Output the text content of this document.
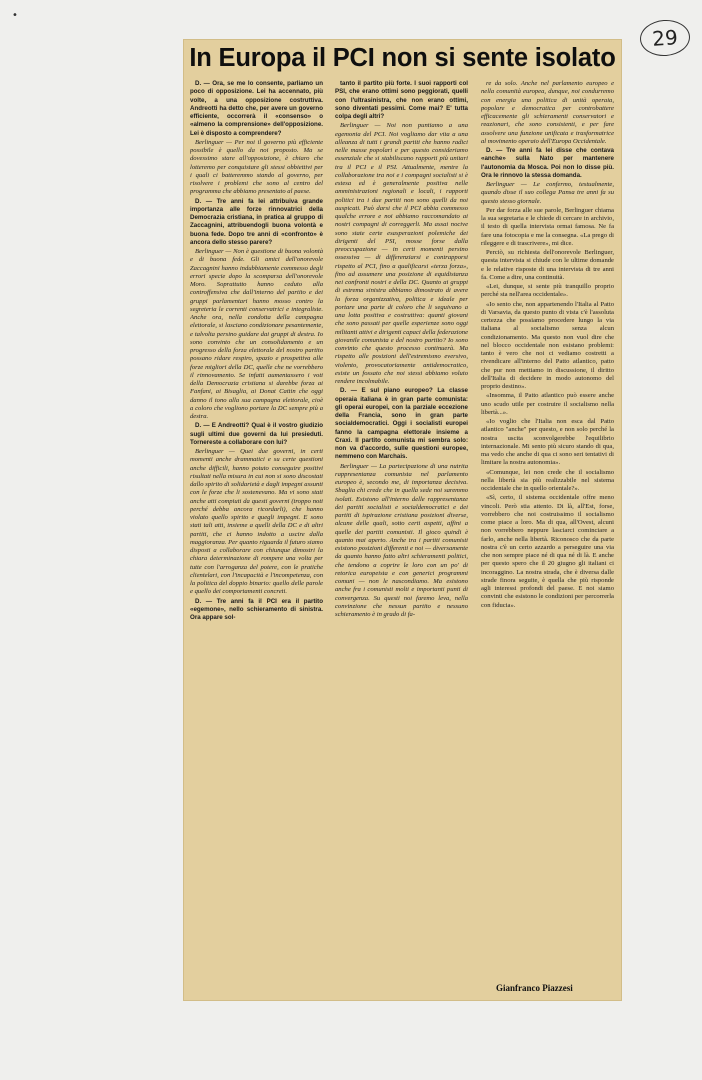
•
29
In Europa il PCI non si sente isolato

D. — Ora, se me lo consente, parliamo un poco di opposizione. Lei ha accennato, più volte, a una opposizione costruttiva. Andreotti ha detto che, per avere un governo efficiente, occorrerà il «consenso» o «almeno la comprensione» dell'opposizione. Lei è disposto a comprendere?

Berlinguer — Per noi il governo più efficiente possibile è quello da noi proposto. Ma se dovessimo stare all'opposizione, è chiaro che lotteremo per conquistare gli stessi obbiettivi per i quali ci batteremmo stando al governo, per risolvere i problemi che sono al centro del programma che abbiamo presentato al paese.

D. — Tre anni fa lei attribuiva grande importanza alle forze rinnovatrici della Democrazia cristiana, in pratica al gruppo di Zaccagnini, attribuendogli buona volontà e buona fede. Dopo tre anni di «confronto» è ancora dello stesso parere?

Berlinguer — Non è questione di buona volontà e di buona fede. Gli amici dell'onorevole Zaccagnini hanno indubbiamente commesso degli errori specie dopo la scomparsa dell'onorevole Moro. Soprattutto hanno ceduto alla controffensiva che dall'interno del partito e dei gruppi parlamentari hanno mosso contro la segreteria le correnti conservatrici e integraliste. Anche ora, nella condotta della campagna elettorale, si lasciano condizionare pesantemente, e talvolta persino guidare dai gruppi di destra. Io sono convinto che un consolidamento e un progresso della forza elettorale del nostro partito possano ridare respiro, spazio e prospettiva alle forze migliori della DC, quelle che ne vorrebbero il rinnovamento. Se infatti aumentassero i voti della Democrazia cristiana si darebbe forza ai Fanfani, ai Bisaglia, ai Donat Cattin che oggi danno il tono alla sua campagna elettorale, cioè a coloro che vogliono portare la DC sempre più a destra.

D. — E Andreotti? Qual è il vostro giudizio sugli ultimi due governi da lui presieduti. Tornereste a collaborare con lui?

Berlinguer — Quei due governi, in certi momenti anche drammatici e su certe questioni anche difficili, hanno potuto conseguire positivi risultati nella misura in cui non si sono discostati dallo spirito di solidarietà e dagli impegni assunti con le forze che li sostenevano. Ma vi sono stati anche atti compiuti da questi governi (troppo noti perché debba ancora ricordarli), che hanno violato quello spirito e quegli impegni. E sono stati tali atti, insieme a quelli della DC e di altri partiti, che ci hanno indotto a uscire dalla maggioranza. Per quanto riguarda il futuro siamo disposti a collaborare con chiunque dimostri la chiara determinazione di rompere una volta per tutte con l'arroganza del potere, con le pratiche clientelari, con l'incapacità e l'incompetenza, con la politica del doppio binario: quello delle parole e quello dei comportamenti concreti.

D. — Tre anni fa il PCI era il partito «egemone», nello schieramento di sinistra. Ora appare sol-

tanto il partito più forte. I suoi rapporti col PSI, che erano ottimi sono peggiorati, quelli con l'ultrasinistra, che non erano ottimi, sono diventati pessimi. Come mai? E' tutta colpa degli altri?

Berlinguer — Noi non puntiamo a una egemonia del PCI. Noi vogliamo dar vita a una alleanza di tutti i grandi partiti che hanno radici nelle masse popolari e per questo consideriamo essenziale che si stabiliscano rapporti più unitari tra il PCI e il PSI. Attualmente, mentre la collaborazione tra noi e i compagni socialisti si è estesa ed è generalmente positiva nelle amministrazioni regionali e locali, i rapporti politici tra i due partiti non sono quelli da noi auspicati. Può darsi che il PCI abbia commesso qualche errore e noi abbiamo raccomandato ai nostri compagni di correggerli. Ma assai nocive sono state certe esasperazioni polemiche dei dirigenti del PSI, mosse forse dalla preoccupazione — in certi momenti persino ossessiva — di differenziarsi e contrapporsi rispetto al PCI, fino a qualificarsi «terza forza», fino ad assumere una posizione di equidistanza nei confronti nostri e della DC. Quanto ai gruppi di estrema sinistra abbiamo dimostrato di avere la forza organizzativa, politica e ideale per portare una parte di coloro che li seguivano a una lotta positiva e costruttiva: quanti giovani che sono passati per quelle esperienze sono oggi militanti attivi e dirigenti capaci della federazione giovanile comunista e del nostro partito? Io sono convinto che questo processo continuerà. Ma rispetto alle posizioni dell'estremismo eversivo, violento, provocatoriamente antidemocratico, esiste un fossato che noi stessi abbiamo voluto rendere incolmabile.

D. — E sul piano europeo? La classe operaia italiana è in gran parte comunista: gli operai europei, con la parziale eccezione della Francia, sono in gran parte socialdemocratici. Oggi i socialisti europei fanno la campagna elettorale insieme a Craxi. Il partito comunista mi sembra solo: non va d'accordo, sulle questioni europee, nemmeno con Marchais.

Berlinguer — La partecipazione di una nutrita rappresentanza comunista nel parlamento europeo è, secondo me, di importanza decisiva. Sbaglia chi crede che in quella sede noi saremmo isolati. Esistono all'interno delle rappresentanze dei partiti socialisti e socialdemocratici e dei partiti di ispirazione cristiana posizioni diverse, alcune delle quali, sotto certi aspetti, affini a quelle dei partiti comunisti. Il gioco quindi è quanto mai aperto. Anche tra i partiti comunisti esistono posizioni differenti e noi — diversamente da quanto hanno fatto altri schieramenti politici, che tendono a coprire le loro con un po' di retorica europeista e con generici programmi comuni — non le nascondiamo. Ma esistono anche fra i comunisti molti e importanti punti di convergenza. Su questi noi faremo leva, nella convinzione che nessun partito e nessuno schieramento è in grado di fa-

re da solo. Anche nel parlamento europeo e nella comunità europea, dunque, noi condurremo con energia una politica di unità operaia, popolare e democratica per controbattere efficacemente gli schieramenti conservatori e reazionari, che sono consistenti, e per fare assolvere una funzione unificata e trasformatrice al movimento operaio dell'Europa Occidentale.

D. — Tre anni fa lei disse che contava «anche» sulla Nato per mantenere l'autonomia da Mosca. Poi non lo disse più. Ora le rinnovo la stessa domanda.

Berlinguer — Le confermo, testualmente, quando disse il suo collega Pansa tre anni fa su questo stesso giornale.

Per dar forza alle sue parole, Berlinguer chiama la sua segretaria e le chiede di cercare in archivio, il testo di quella intervista ormai famosa. Ne fa fare una fotocopia e me la consegna. «La prego di rileggere e di trascrivere», mi dice.

Perciò, su richiesta dell'onorevole Berlinguer, questa intervista si chiude con le ultime domande e le relative risposte di una intervista di tre anni fa. Come a dire, una continuità.

«Lei, dunque, si sente più tranquillo proprio perché sta nell'area occidentale».

«Io sento che, non appartenendo l'Italia al Patto di Varsavia, da questo punto di vista c'è l'assoluta certezza che possiamo procedere lungo la via italiana al socialismo senza alcun condizionamento. Ma questo non vuol dire che nel blocco occidentale non esistano problemi: tanto è vero che noi ci vediamo costretti a rivendicare all'interno del Patto atlantico, patto che pur non mettiamo in discussione, il diritto dell'Italia di decidere in modo autonomo del proprio destino».

«Insomma, il Patto atlantico può essere anche uno scudo utile per costruire il socialismo nella libertà...».

«Io voglio che l'Italia non esca dal Patto atlantico "anche" per questo, e non solo perché la nostra uscita sconvolgerebbe l'equilibrio internazionale. Mi sento più sicuro stando di qua, ma vedo che anche di qua ci sono seri tentativi di limitare la nostra autonomia».

«Comunque, lei non crede che il socialismo nella libertà sia più realizzabile nel sistema occidentale che in quello orientale?».

«Sì, certo, il sistema occidentale offre meno vincoli. Però stia attento. Di là, all'Est, forse, vorrebbero che noi costruissimo il socialismo come piace a loro. Ma di qua, all'Ovest, alcuni non vorrebbero neppure lasciarci cominciare a farlo, anche nella libertà. Riconosco che da parte nostra c'è un certo azzardo a perseguire una via che non sempre piace né di qua né di là. E anche per questo spero che il 20 giugno gli italiani ci incoraggino. La nostra strada, che è diversa dalle strade finora seguite, è quella che più risponde agli interessi profondi del paese. E noi siamo convinti che esistono le condizioni per percorrerla con fiducia».

Gianfranco Piazzesi
